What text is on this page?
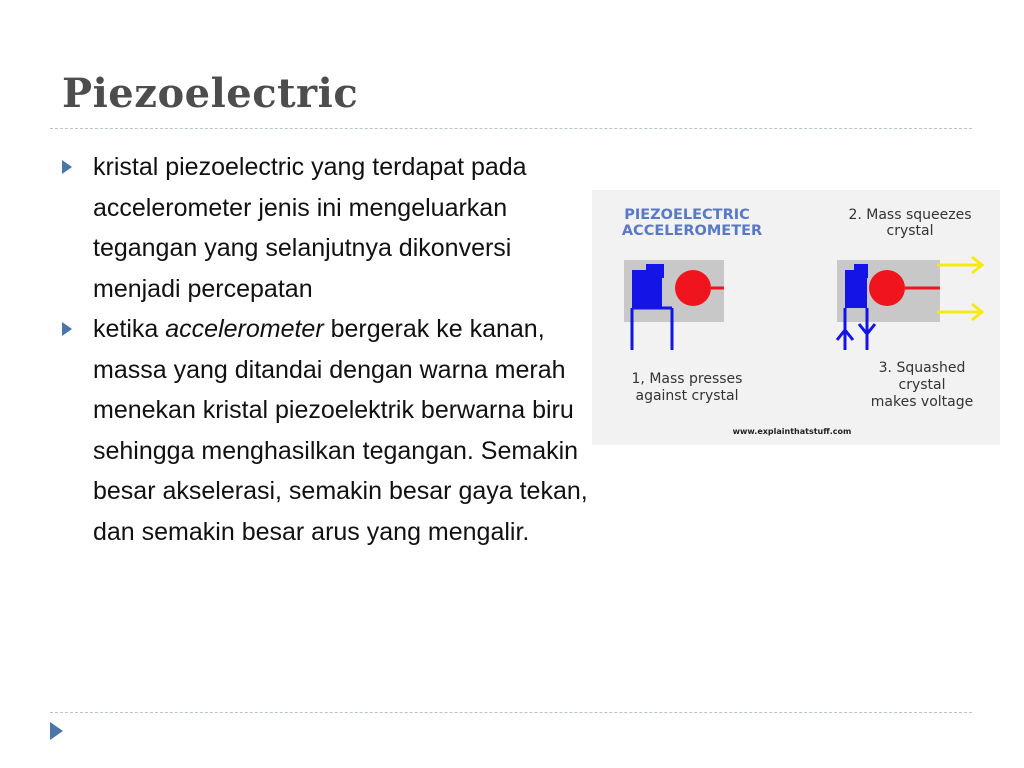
Piezoelectric
kristal piezoelectric yang terdapat pada accelerometer jenis ini mengeluarkan tegangan yang selanjutnya dikonversi menjadi percepatan
ketika accelerometer bergerak ke kanan, massa yang ditandai dengan warna merah menekan kristal piezoelektrik berwarna biru sehingga menghasilkan tegangan. Semakin besar akselerasi, semakin besar gaya tekan, dan semakin besar arus yang mengalir.
PIEZOELECTRIC
ACCELEROMETER
2. Mass squeezes
crystal
1, Mass presses
against crystal
3. Squashed
crystal
makes voltage
www.explainthatstuff.com
